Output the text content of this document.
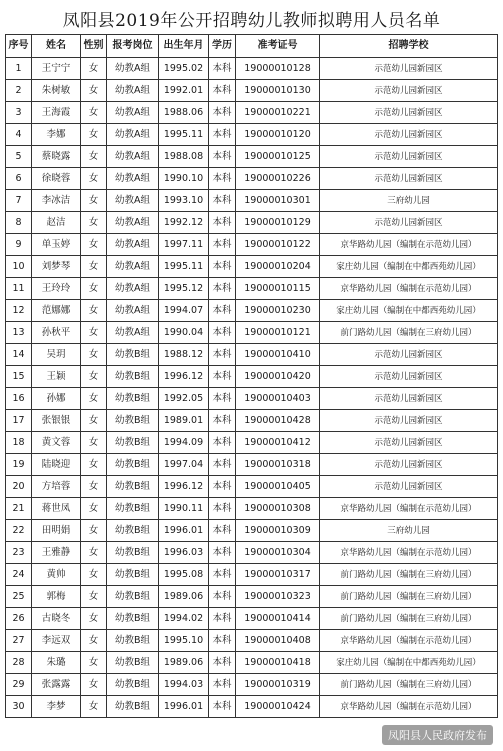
凤阳县2019年公开招聘幼儿教师拟聘用人员名单
序号	姓名	性别	报考岗位	出生年月	学历	准考证号	招聘学校
1	王宁宁	女	幼教A组	1995.02	本科	19000010128	示范幼儿园新园区
2	朱树敏	女	幼教A组	1992.01	本科	19000010130	示范幼儿园新园区
3	王海霞	女	幼教A组	1988.06	本科	19000010221	示范幼儿园新园区
4	李娜	女	幼教A组	1995.11	本科	19000010120	示范幼儿园新园区
5	蔡晓露	女	幼教A组	1988.08	本科	19000010125	示范幼儿园新园区
6	徐晓蓉	女	幼教A组	1990.10	本科	19000010226	示范幼儿园新园区
7	李冰洁	女	幼教A组	1993.10	本科	19000010301	三府幼儿园
8	赵洁	女	幼教A组	1992.12	本科	19000010129	示范幼儿园新园区
9	单玉婷	女	幼教A组	1997.11	本科	19000010122	京华路幼儿园（编制在示范幼儿园）
10	刘梦琴	女	幼教A组	1995.11	本科	19000010204	家庄幼儿园（编制在中都西苑幼儿园）
11	王玲玲	女	幼教A组	1995.12	本科	19000010115	京华路幼儿园（编制在示范幼儿园）
12	范娜娜	女	幼教A组	1994.07	本科	19000010230	家庄幼儿园（编制在中都西苑幼儿园）
13	孙秋平	女	幼教A组	1990.04	本科	19000010121	前门路幼儿园（编制在三府幼儿园）
14	吴玥	女	幼教B组	1988.12	本科	19000010410	示范幼儿园新园区
15	王颖	女	幼教B组	1996.12	本科	19000010420	示范幼儿园新园区
16	孙娜	女	幼教B组	1992.05	本科	19000010403	示范幼儿园新园区
17	张银银	女	幼教B组	1989.01	本科	19000010428	示范幼儿园新园区
18	黄文蓉	女	幼教B组	1994.09	本科	19000010412	示范幼儿园新园区
19	陆晓迎	女	幼教B组	1997.04	本科	19000010318	示范幼儿园新园区
20	方培蓉	女	幼教B组	1996.12	本科	19000010405	示范幼儿园新园区
21	蒋世凤	女	幼教B组	1990.11	本科	19000010308	京华路幼儿园（编制在示范幼儿园）
22	田明娟	女	幼教B组	1996.01	本科	19000010309	三府幼儿园
23	王雅静	女	幼教B组	1996.03	本科	19000010304	京华路幼儿园（编制在示范幼儿园）
24	黄帅	女	幼教B组	1995.08	本科	19000010317	前门路幼儿园（编制在三府幼儿园）
25	郭梅	女	幼教B组	1989.06	本科	19000010323	前门路幼儿园（编制在三府幼儿园）
26	古晓冬	女	幼教B组	1994.02	本科	19000010414	前门路幼儿园（编制在三府幼儿园）
27	李远双	女	幼教B组	1995.10	本科	19000010408	京华路幼儿园（编制在示范幼儿园）
28	朱璐	女	幼教B组	1989.06	本科	19000010418	家庄幼儿园（编制在中都西苑幼儿园）
29	张露露	女	幼教B组	1994.03	本科	19000010319	前门路幼儿园（编制在三府幼儿园）
30	李梦	女	幼教B组	1996.01	本科	19000010424	京华路幼儿园（编制在示范幼儿园）
凤阳县人民政府发布
